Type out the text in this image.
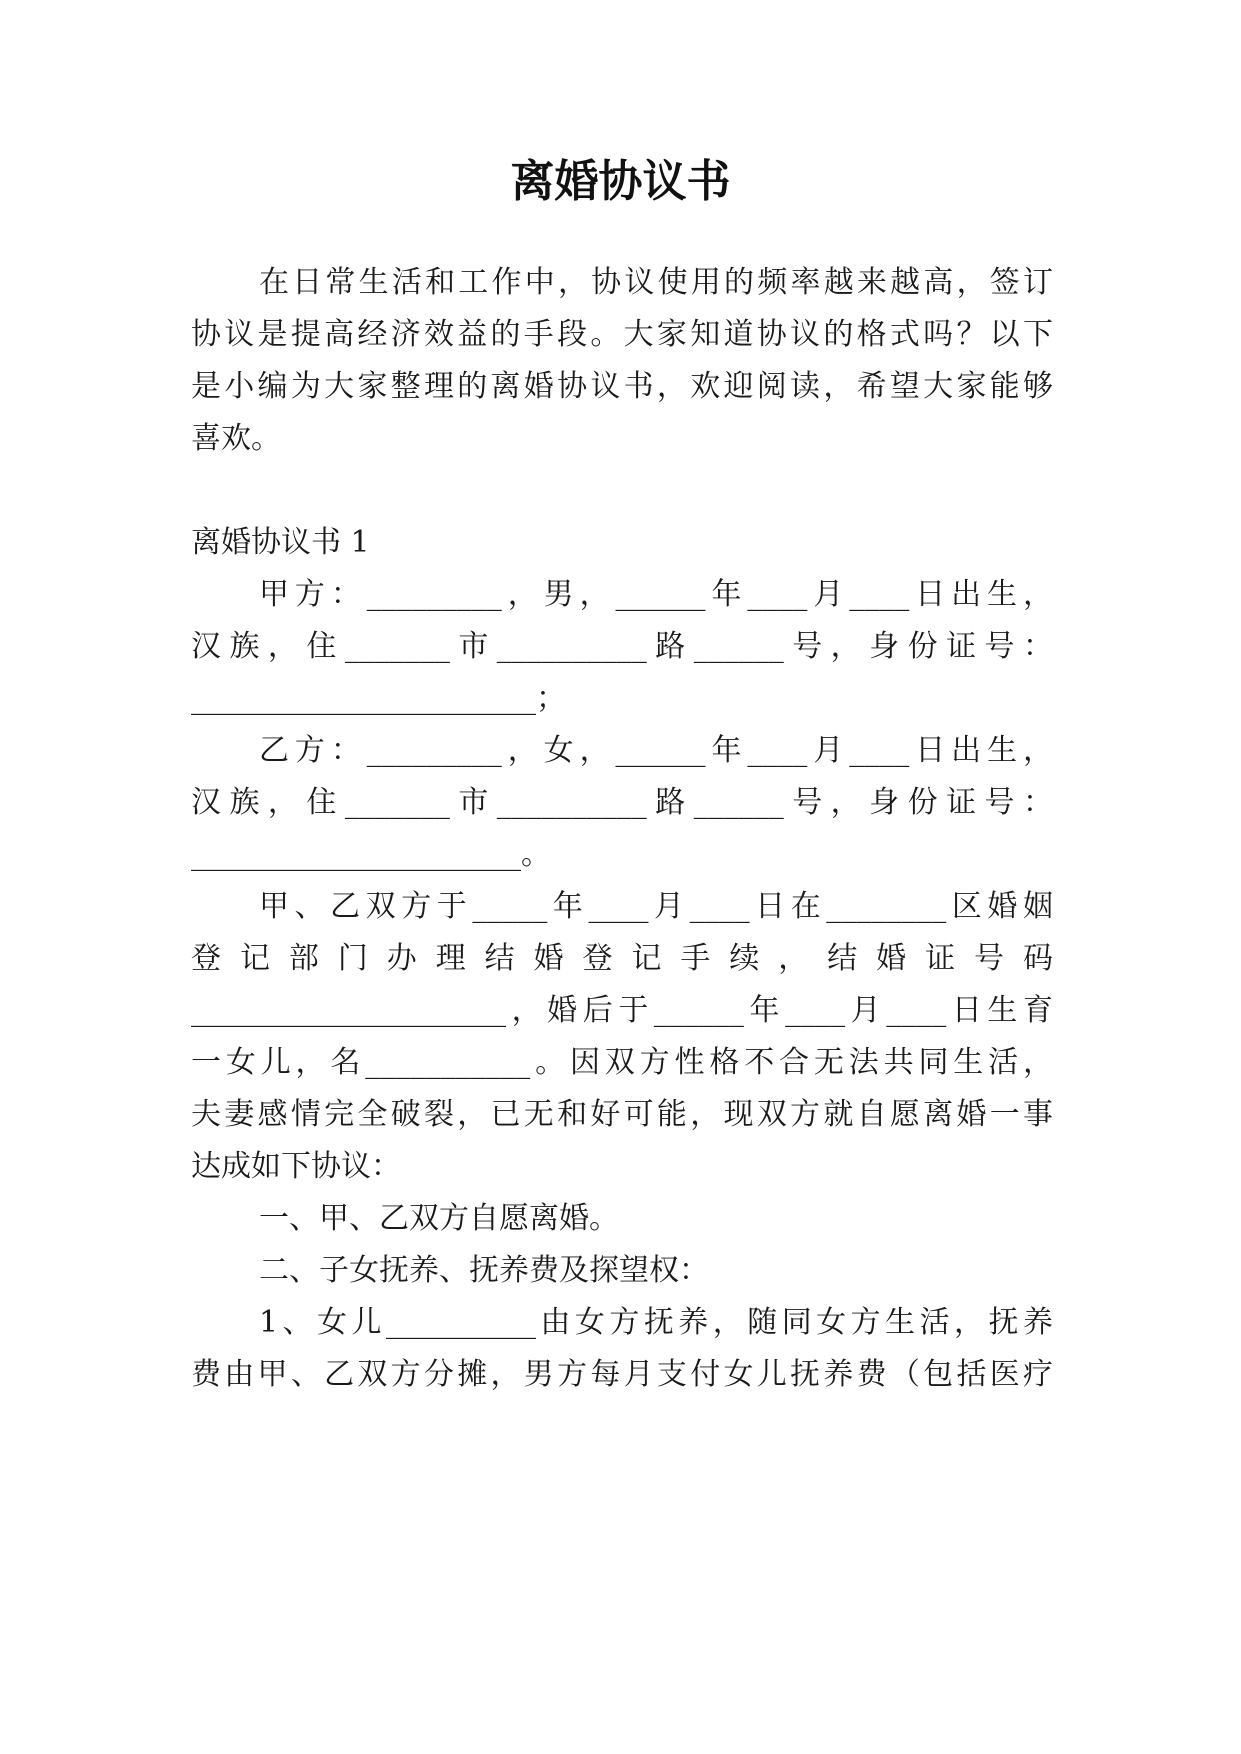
离婚协议书

在日常生活和工作中，协议使用的频率越来越高，签订

协议是提高经济效益的手段。大家知道协议的格式吗？以下

是小编为大家整理的离婚协议书，欢迎阅读，希望大家能够

喜欢。

离婚协议书 1

甲方：_________，男，______年____月____日出生，

汉族，住_______市__________路______号，身份证号：

_______________________；

乙方：_________，女，______年____月____日出生，

汉族，住_______市__________路______号，身份证号：

______________________。

甲、乙双方于_____年____月____日在________区婚姻

登记部门办理结婚登记手续，结婚证号码

_____________________，婚后于______年____月____日生育

一女儿，名___________。因双方性格不合无法共同生活，

夫妻感情完全破裂，已无和好可能，现双方就自愿离婚一事

达成如下协议：

一、甲、乙双方自愿离婚。

二、子女抚养、抚养费及探望权：

1、女儿__________由女方抚养，随同女方生活，抚养

费由甲、乙双方分摊，男方每月支付女儿抚养费（包括医疗
